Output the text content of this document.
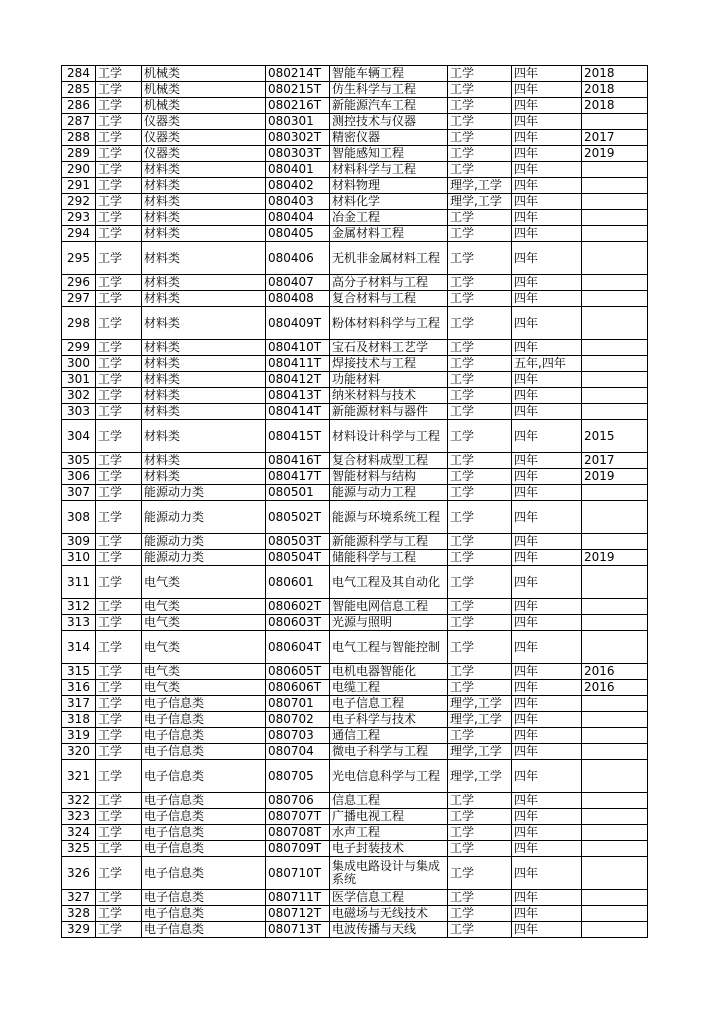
284	工学	机械类	080214T	智能车辆工程	工学	四年	2018
285	工学	机械类	080215T	仿生科学与工程	工学	四年	2018
286	工学	机械类	080216T	新能源汽车工程	工学	四年	2018
287	工学	仪器类	080301	测控技术与仪器	工学	四年	
288	工学	仪器类	080302T	精密仪器	工学	四年	2017
289	工学	仪器类	080303T	智能感知工程	工学	四年	2019
290	工学	材料类	080401	材料科学与工程	工学	四年	
291	工学	材料类	080402	材料物理	理学,工学	四年	
292	工学	材料类	080403	材料化学	理学,工学	四年	
293	工学	材料类	080404	冶金工程	工学	四年	
294	工学	材料类	080405	金属材料工程	工学	四年	
295	工学	材料类	080406	无机非金属材料工程	工学	四年	
296	工学	材料类	080407	高分子材料与工程	工学	四年	
297	工学	材料类	080408	复合材料与工程	工学	四年	
298	工学	材料类	080409T	粉体材料科学与工程	工学	四年	
299	工学	材料类	080410T	宝石及材料工艺学	工学	四年	
300	工学	材料类	080411T	焊接技术与工程	工学	五年,四年	
301	工学	材料类	080412T	功能材料	工学	四年	
302	工学	材料类	080413T	纳米材料与技术	工学	四年	
303	工学	材料类	080414T	新能源材料与器件	工学	四年	
304	工学	材料类	080415T	材料设计科学与工程	工学	四年	2015
305	工学	材料类	080416T	复合材料成型工程	工学	四年	2017
306	工学	材料类	080417T	智能材料与结构	工学	四年	2019
307	工学	能源动力类	080501	能源与动力工程	工学	四年	
308	工学	能源动力类	080502T	能源与环境系统工程	工学	四年	
309	工学	能源动力类	080503T	新能源科学与工程	工学	四年	
310	工学	能源动力类	080504T	储能科学与工程	工学	四年	2019
311	工学	电气类	080601	电气工程及其自动化	工学	四年	
312	工学	电气类	080602T	智能电网信息工程	工学	四年	
313	工学	电气类	080603T	光源与照明	工学	四年	
314	工学	电气类	080604T	电气工程与智能控制	工学	四年	
315	工学	电气类	080605T	电机电器智能化	工学	四年	2016
316	工学	电气类	080606T	电缆工程	工学	四年	2016
317	工学	电子信息类	080701	电子信息工程	理学,工学	四年	
318	工学	电子信息类	080702	电子科学与技术	理学,工学	四年	
319	工学	电子信息类	080703	通信工程	工学	四年	
320	工学	电子信息类	080704	微电子科学与工程	理学,工学	四年	
321	工学	电子信息类	080705	光电信息科学与工程	理学,工学	四年	
322	工学	电子信息类	080706	信息工程	工学	四年	
323	工学	电子信息类	080707T	广播电视工程	工学	四年	
324	工学	电子信息类	080708T	水声工程	工学	四年	
325	工学	电子信息类	080709T	电子封装技术	工学	四年	
326	工学	电子信息类	080710T	集成电路设计与集成系统	工学	四年	
327	工学	电子信息类	080711T	医学信息工程	工学	四年	
328	工学	电子信息类	080712T	电磁场与无线技术	工学	四年	
329	工学	电子信息类	080713T	电波传播与天线	工学	四年	
